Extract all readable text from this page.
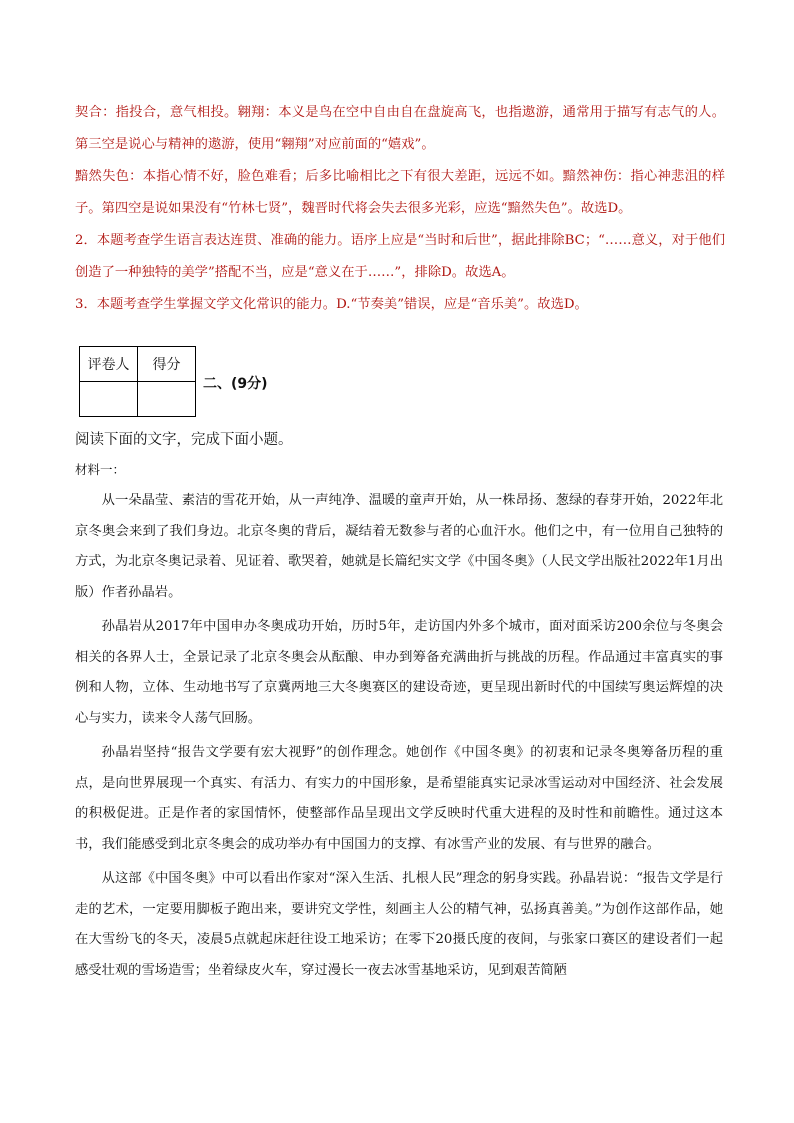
契合：指投合，意气相投。翱翔：本义是鸟在空中自由自在盘旋高飞，也指遨游，通常用于描写有志气的人。第三空是说心与精神的遨游，使用“翱翔”对应前面的“嬉戏”。

黯然失色：本指心情不好，脸色难看；后多比喻相比之下有很大差距，远远不如。黯然神伤：指心神悲沮的样子。第四空是说如果没有“竹林七贤”，魏晋时代将会失去很多光彩，应选“黯然失色”。故选D。

2．本题考查学生语言表达连贯、准确的能力。语序上应是“当时和后世”，据此排除BC；“……意义，对于他们创造了一种独特的美学”搭配不当，应是“意义在于……”，排除D。故选A。

3．本题考查学生掌握文学文化常识的能力。D.“节奏美”错误，应是“音乐美”。故选D。

评卷人	得分

二、(9分)
阅读下面的文字，完成下面小题。
材料一：

从一朵晶莹、素洁的雪花开始，从一声纯净、温暖的童声开始，从一株昂扬、葱绿的春芽开始，2022年北京冬奥会来到了我们身边。北京冬奥的背后，凝结着无数参与者的心血汗水。他们之中，有一位用自己独特的方式，为北京冬奥记录着、见证着、歌哭着，她就是长篇纪实文学《中国冬奥》（人民文学出版社2022年1月出版）作者孙晶岩。

孙晶岩从2017年中国申办冬奥成功开始，历时5年，走访国内外多个城市，面对面采访200余位与冬奥会相关的各界人士，全景记录了北京冬奥会从酝酿、申办到筹备充满曲折与挑战的历程。作品通过丰富真实的事例和人物，立体、生动地书写了京冀两地三大冬奥赛区的建设奇迹，更呈现出新时代的中国续写奥运辉煌的决心与实力，读来令人荡气回肠。

孙晶岩坚持“报告文学要有宏大视野”的创作理念。她创作《中国冬奥》的初衷和记录冬奥筹备历程的重点，是向世界展现一个真实、有活力、有实力的中国形象，是希望能真实记录冰雪运动对中国经济、社会发展的积极促进。正是作者的家国情怀，使整部作品呈现出文学反映时代重大进程的及时性和前瞻性。通过这本书，我们能感受到北京冬奥会的成功举办有中国国力的支撑、有冰雪产业的发展、有与世界的融合。

从这部《中国冬奥》中可以看出作家对“深入生活、扎根人民”理念的躬身实践。孙晶岩说：“报告文学是行走的艺术，一定要用脚板子跑出来，要讲究文学性，刻画主人公的精气神，弘扬真善美。”为创作这部作品，她在大雪纷飞的冬天，凌晨5点就起床赶往设工地采访；在零下20摄氏度的夜间，与张家口赛区的建设者们一起感受壮观的雪场造雪；坐着绿皮火车，穿过漫长一夜去冰雪基地采访，见到艰苦简陋
